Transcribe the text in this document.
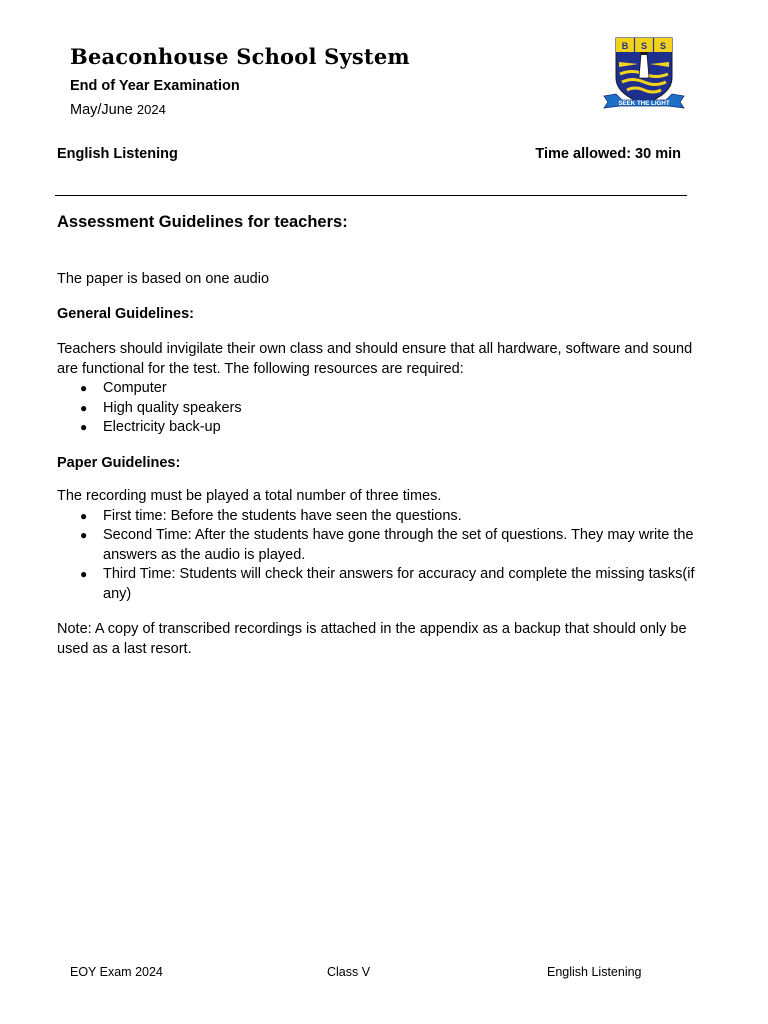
Beaconhouse School System
End of Year Examination
May/June 2024	SEEK THE LIGHT
B S S
English Listening	Time allowed: 30 min
Assessment Guidelines for teachers:
The paper is based on one audio
General Guidelines:
Teachers should invigilate their own class and should ensure that all hardware, software and sound are functional for the test. The following resources are required:
● Computer
● High quality speakers
● Electricity back-up
Paper Guidelines:
The recording must be played a total number of three times.
● First time: Before the students have seen the questions.
● Second Time: After the students have gone through the set of questions. They may write the answers as the audio is played.
● Third Time: Students will check their answers for accuracy and complete the missing tasks(if any)
Note: A copy of transcribed recordings is attached in the appendix as a backup that should only be used as a last resort.
EOY Exam 2024	Class V	English Listening
